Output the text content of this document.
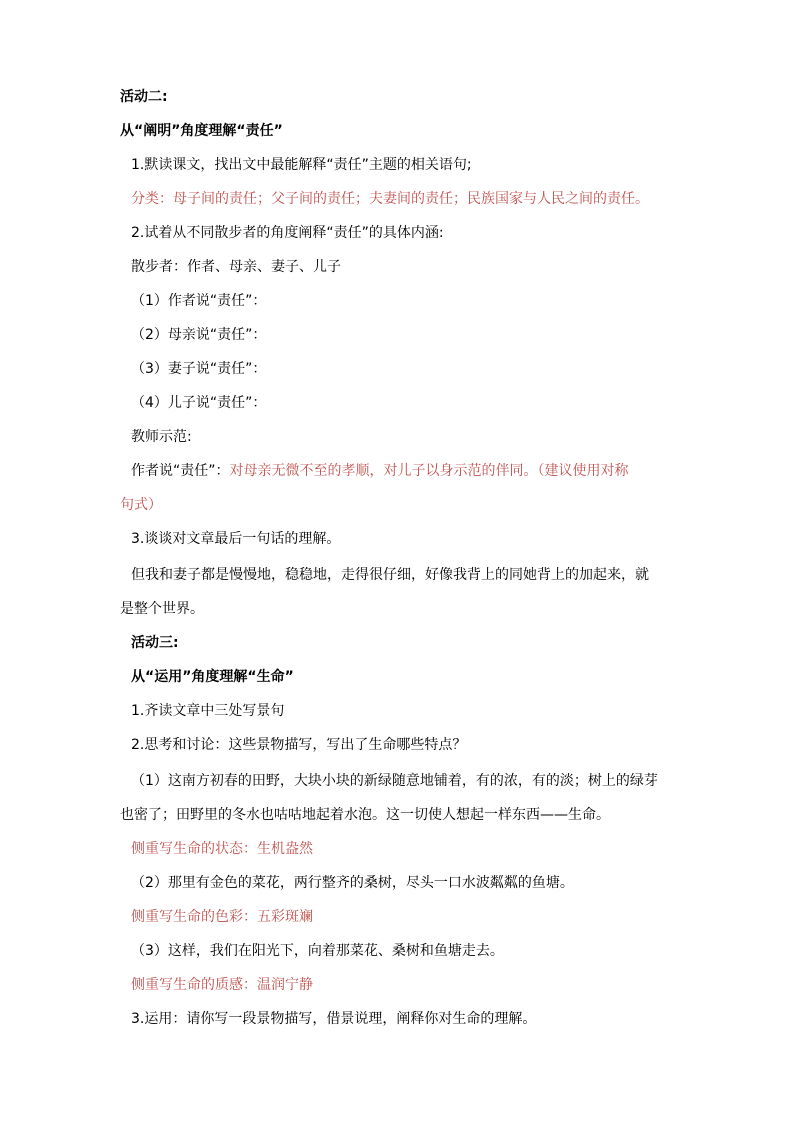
活动二:
从“阐明”角度理解“责任”
1.默读课文，找出文中最能解释“责任”主题的相关语句;
分类：母子间的责任；父子间的责任；夫妻间的责任；民族国家与人民之间的责任。
2.试着从不同散步者的角度阐释“责任”的具体内涵:
散步者：作者、母亲、妻子、儿子
（1）作者说“责任”：
（2）母亲说“责任”：
（3）妻子说“责任”：
（4）儿子说“责任”：
教师示范:
作者说“责任”：对母亲无微不至的孝顺，对儿子以身示范的伴同。（建议使用对称
句式）
3.谈谈对文章最后一句话的理解。
但我和妻子都是慢慢地，稳稳地，走得很仔细，好像我背上的同她背上的加起来，就
是整个世界。
活动三:
从“运用”角度理解“生命”
1.齐读文章中三处写景句
2.思考和讨论：这些景物描写，写出了生命哪些特点？
（1）这南方初春的田野，大块小块的新绿随意地铺着，有的浓，有的淡；树上的绿芽
也密了；田野里的冬水也咕咕地起着水泡。这一切使人想起一样东西——生命。
侧重写生命的状态：生机盎然
（2）那里有金色的菜花，两行整齐的桑树，尽头一口水波粼粼的鱼塘。
侧重写生命的色彩：五彩斑斓
（3）这样，我们在阳光下，向着那菜花、桑树和鱼塘走去。
侧重写生命的质感：温润宁静
3.运用：请你写一段景物描写，借景说理，阐释你对生命的理解。
